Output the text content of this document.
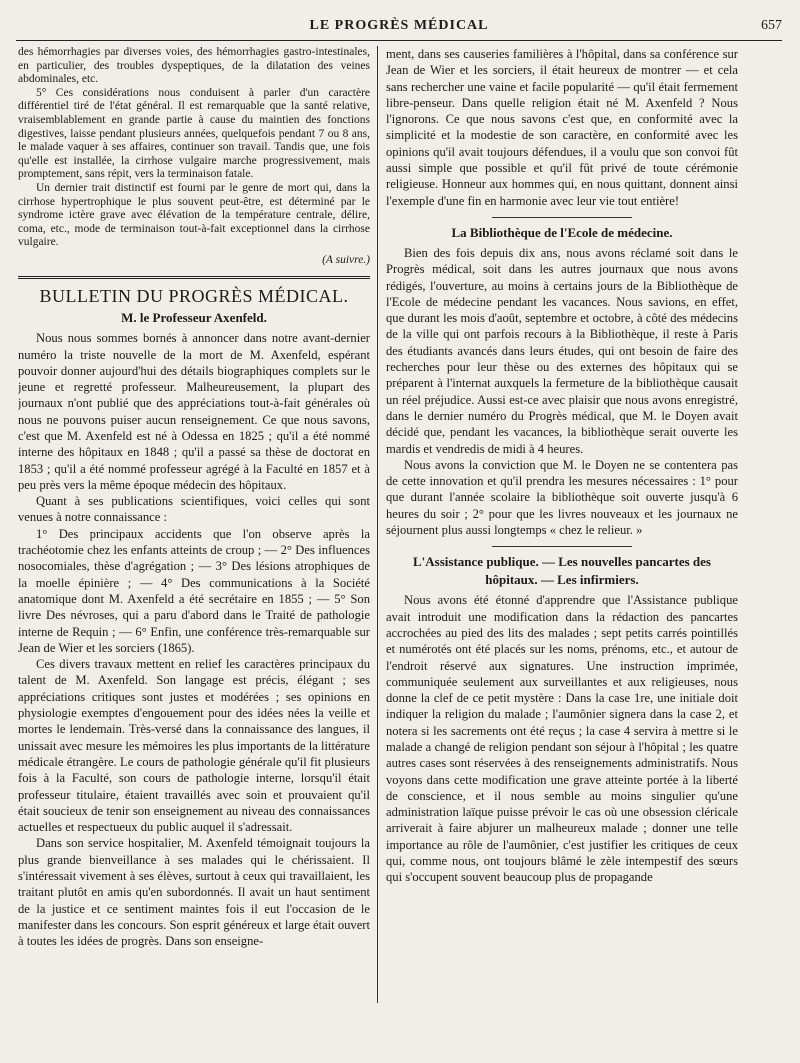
LE PROGRÈS MÉDICAL	657

des hémorrhagies par diverses voies, des hémorrhagies gastro-intestinales, en particulier, des troubles dyspeptiques, de la dilatation des veines abdominales, etc.

5° Ces considérations nous conduisent à parler d'un caractère différentiel tiré de l'état général. Il est remarquable que la santé relative, vraisemblablement en grande partie à cause du maintien des fonctions digestives, laisse pendant plusieurs années, quelquefois pendant 7 ou 8 ans, le malade vaquer à ses affaires, continuer son travail. Tandis que, une fois qu'elle est installée, la cirrhose vulgaire marche progressivement, mais promptement, sans répit, vers la terminaison fatale.

Un dernier trait distinctif est fourni par le genre de mort qui, dans la cirrhose hypertrophique le plus souvent peut-être, est déterminé par le syndrome ictère grave avec élévation de la température centrale, délire, coma, etc., mode de terminaison tout-à-fait exceptionnel dans la cirrhose vulgaire.

(A suivre.)
BULLETIN DU PROGRÈS MÉDICAL.
M. le Professeur Axenfeld.

Nous nous sommes bornés à annoncer dans notre avant-dernier numéro la triste nouvelle de la mort de M. Axenfeld, espérant pouvoir donner aujourd'hui des détails biographiques complets sur le jeune et regretté professeur. Malheureusement, la plupart des journaux n'ont publié que des appréciations tout-à-fait générales où nous ne pouvons puiser aucun renseignement. Ce que nous savons, c'est que M. Axenfeld est né à Odessa en 1825 ; qu'il a été nommé interne des hôpitaux en 1848 ; qu'il a passé sa thèse de doctorat en 1853 ; qu'il a été nommé professeur agrégé à la Faculté en 1857 et à peu près vers la même époque médecin des hôpitaux.

Quant à ses publications scientifiques, voici celles qui sont venues à notre connaissance :

1° Des principaux accidents que l'on observe après la trachéotomie chez les enfants atteints de croup ; — 2° Des influences nosocomiales, thèse d'agrégation ; — 3° Des lésions atrophiques de la moelle épinière ; — 4° Des communications à la Société anatomique dont M. Axenfeld a été secrétaire en 1855 ; — 5° Son livre Des névroses, qui a paru d'abord dans le Traité de pathologie interne de Requin ; — 6° Enfin, une conférence très-remarquable sur Jean de Wier et les sorciers (1865).

Ces divers travaux mettent en relief les caractères principaux du talent de M. Axenfeld. Son langage est précis, élégant ; ses appréciations critiques sont justes et modérées ; ses opinions en physiologie exemptes d'engouement pour des idées nées la veille et mortes le lendemain. Très-versé dans la connaissance des langues, il unissait avec mesure les mémoires les plus importants de la littérature médicale étrangère. Le cours de pathologie générale qu'il fit plusieurs fois à la Faculté, son cours de pathologie interne, lorsqu'il était professeur titulaire, étaient travaillés avec soin et prouvaient qu'il était soucieux de tenir son enseignement au niveau des connaissances actuelles et respectueux du public auquel il s'adressait.

Dans son service hospitalier, M. Axenfeld témoignait toujours la plus grande bienveillance à ses malades qui le chérissaient. Il s'intéressait vivement à ses élèves, surtout à ceux qui travaillaient, les traitant plutôt en amis qu'en subordonnés. Il avait un haut sentiment de la justice et ce sentiment maintes fois il eut l'occasion de le manifester dans les concours. Son esprit généreux et large était ouvert à toutes les idées de progrès. Dans son enseigne-

ment, dans ses causeries familières à l'hôpital, dans sa conférence sur Jean de Wier et les sorciers, il était heureux de montrer — et cela sans rechercher une vaine et facile popularité — qu'il était fermement libre-penseur. Dans quelle religion était né M. Axenfeld ? Nous l'ignorons. Ce que nous savons c'est que, en conformité avec la simplicité et la modestie de son caractère, en conformité avec les opinions qu'il avait toujours défendues, il a voulu que son convoi fût aussi simple que possible et qu'il fût privé de toute cérémonie religieuse. Honneur aux hommes qui, en nous quittant, donnent ainsi l'exemple d'une fin en harmonie avec leur vie tout entière!

La Bibliothèque de l'Ecole de médecine.

Bien des fois depuis dix ans, nous avons réclamé soit dans le Progrès médical, soit dans les autres journaux que nous avons rédigés, l'ouverture, au moins à certains jours de la Bibliothèque de l'Ecole de médecine pendant les vacances. Nous savions, en effet, que durant les mois d'août, septembre et octobre, à côté des médecins de la ville qui ont parfois recours à la Bibliothèque, il reste à Paris des étudiants avancés dans leurs études, qui ont besoin de faire des recherches pour leur thèse ou des externes des hôpitaux qui se préparent à l'internat auxquels la fermeture de la bibliothèque causait un réel préjudice. Aussi est-ce avec plaisir que nous avons enregistré, dans le dernier numéro du Progrès médical, que M. le Doyen avait décidé que, pendant les vacances, la bibliothèque serait ouverte les mardis et vendredis de midi à 4 heures.

Nous avons la conviction que M. le Doyen ne se contentera pas de cette innovation et qu'il prendra les mesures nécessaires : 1° pour que durant l'année scolaire la bibliothèque soit ouverte jusqu'à 6 heures du soir ; 2° pour que les livres nouveaux et les journaux ne séjournent plus aussi longtemps « chez le relieur. »

L'Assistance publique. — Les nouvelles pancartes des hôpitaux. — Les infirmiers.

Nous avons été étonné d'apprendre que l'Assistance publique avait introduit une modification dans la rédaction des pancartes accrochées au pied des lits des malades ; sept petits carrés pointillés et numérotés ont été placés sur les noms, prénoms, etc., et autour de l'endroit réservé aux signatures. Une instruction imprimée, communiquée seulement aux surveillantes et aux religieuses, nous donne la clef de ce petit mystère : Dans la case 1re, une initiale doit indiquer la religion du malade ; l'aumônier signera dans la case 2, et notera si les sacrements ont été reçus ; la case 4 servira à mettre si le malade a changé de religion pendant son séjour à l'hôpital ; les quatre autres cases sont réservées à des renseignements administratifs. Nous voyons dans cette modification une grave atteinte portée à la liberté de conscience, et il nous semble au moins singulier qu'une administration laïque puisse prévoir le cas où une obsession cléricale arriverait à faire abjurer un malheureux malade ; donner une telle importance au rôle de l'aumônier, c'est justifier les critiques de ceux qui, comme nous, ont toujours blâmé le zèle intempestif des sœurs qui s'occupent souvent beaucoup plus de propagande
